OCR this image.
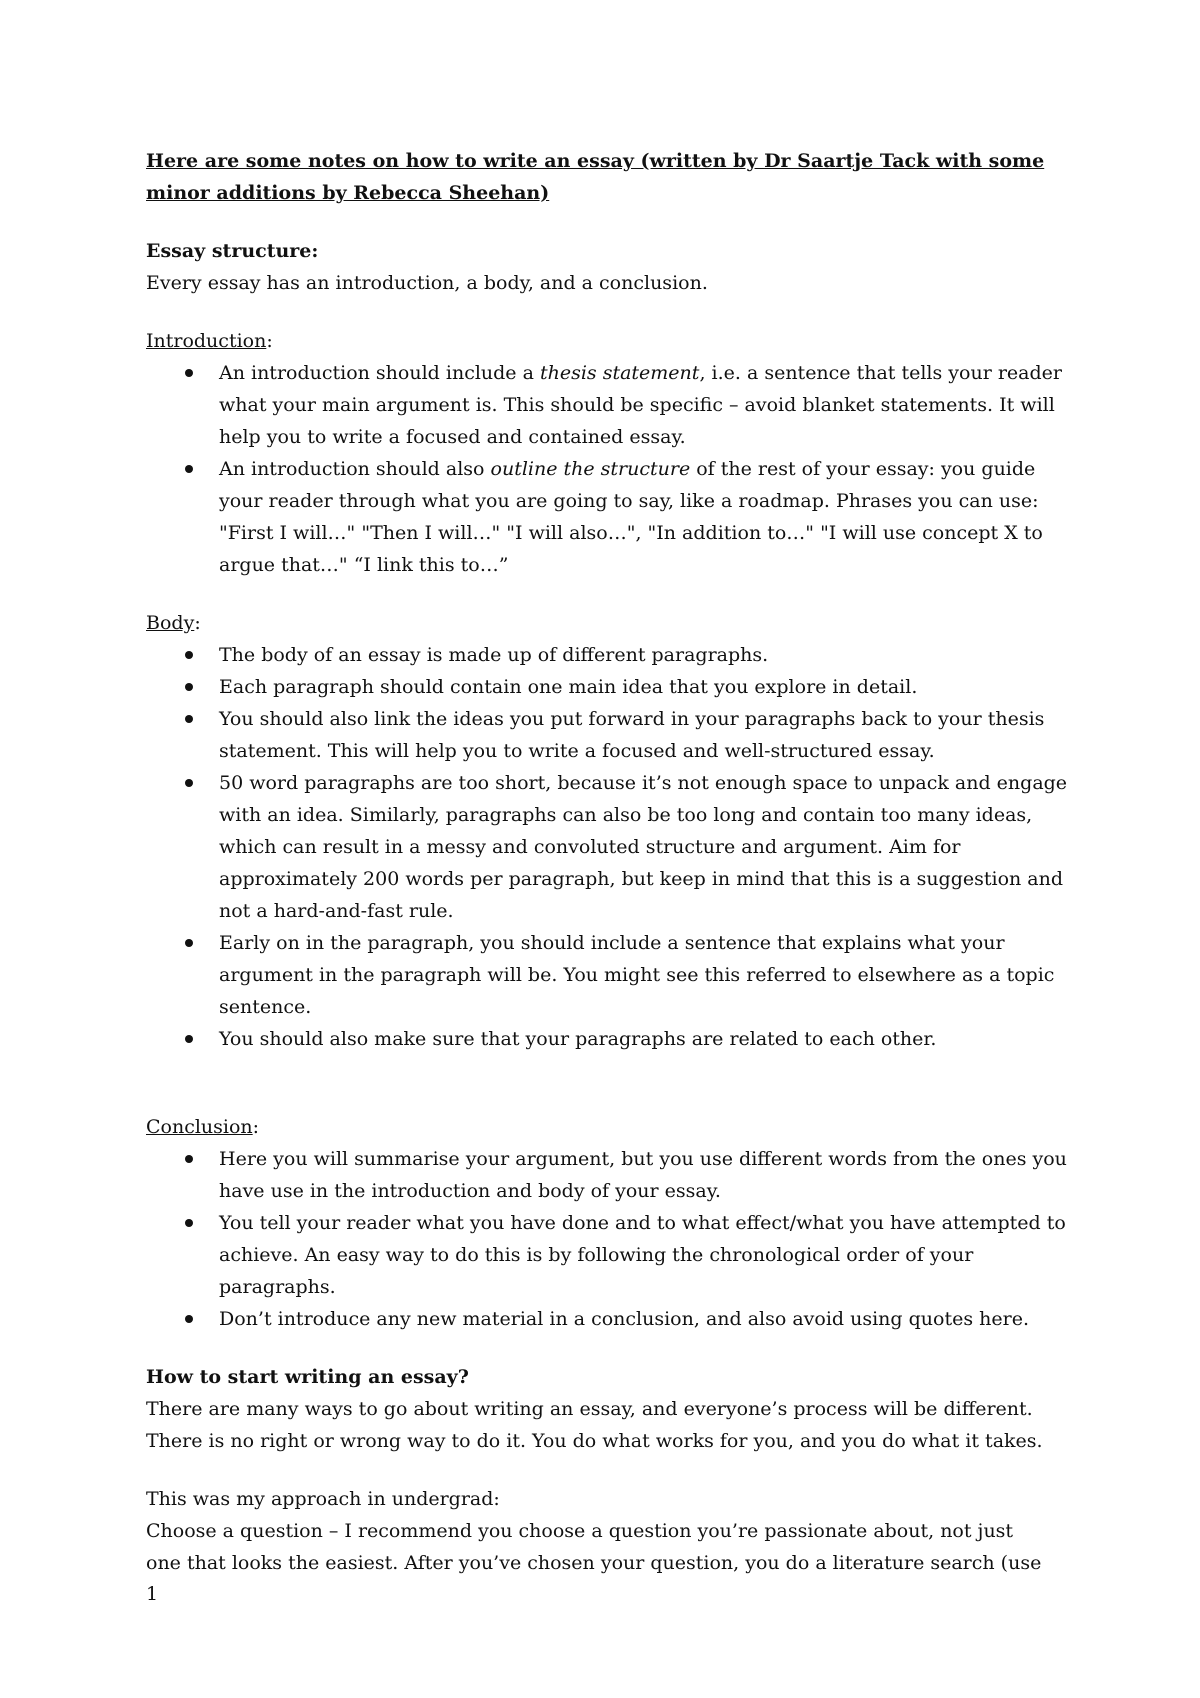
Here are some notes on how to write an essay (written by Dr Saartje Tack with some
minor additions by Rebecca Sheehan)

Essay structure:

Every essay has an introduction, a body, and a conclusion.

Introduction:

An introduction should include a thesis statement, i.e. a sentence that tells your reader what your main argument is. This should be specific – avoid blanket statements. It will help you to write a focused and contained essay.
An introduction should also outline the structure of the rest of your essay: you guide your reader through what you are going to say, like a roadmap. Phrases you can use: "First I will…" "Then I will…" "I will also…", "In addition to…" "I will use concept X to argue that…" “I link this to…”

Body:

The body of an essay is made up of different paragraphs.
Each paragraph should contain one main idea that you explore in detail.
You should also link the ideas you put forward in your paragraphs back to your thesis statement. This will help you to write a focused and well-structured essay.
50 word paragraphs are too short, because it’s not enough space to unpack and engage with an idea. Similarly, paragraphs can also be too long and contain too many ideas, which can result in a messy and convoluted structure and argument. Aim for approximately 200 words per paragraph, but keep in mind that this is a suggestion and not a hard-and-fast rule.
Early on in the paragraph, you should include a sentence that explains what your argument in the paragraph will be. You might see this referred to elsewhere as a topic sentence.
You should also make sure that your paragraphs are related to each other.

Conclusion:

Here you will summarise your argument, but you use different words from the ones you have use in the introduction and body of your essay.
You tell your reader what you have done and to what effect/what you have attempted to achieve. An easy way to do this is by following the chronological order of your paragraphs.
Don’t introduce any new material in a conclusion, and also avoid using quotes here.

How to start writing an essay?

There are many ways to go about writing an essay, and everyone’s process will be different.
There is no right or wrong way to do it. You do what works for you, and you do what it takes.

This was my approach in undergrad:

Choose a question – I recommend you choose a question you’re passionate about, not just
one that looks the easiest. After you’ve chosen your question, you do a literature search (use

1
